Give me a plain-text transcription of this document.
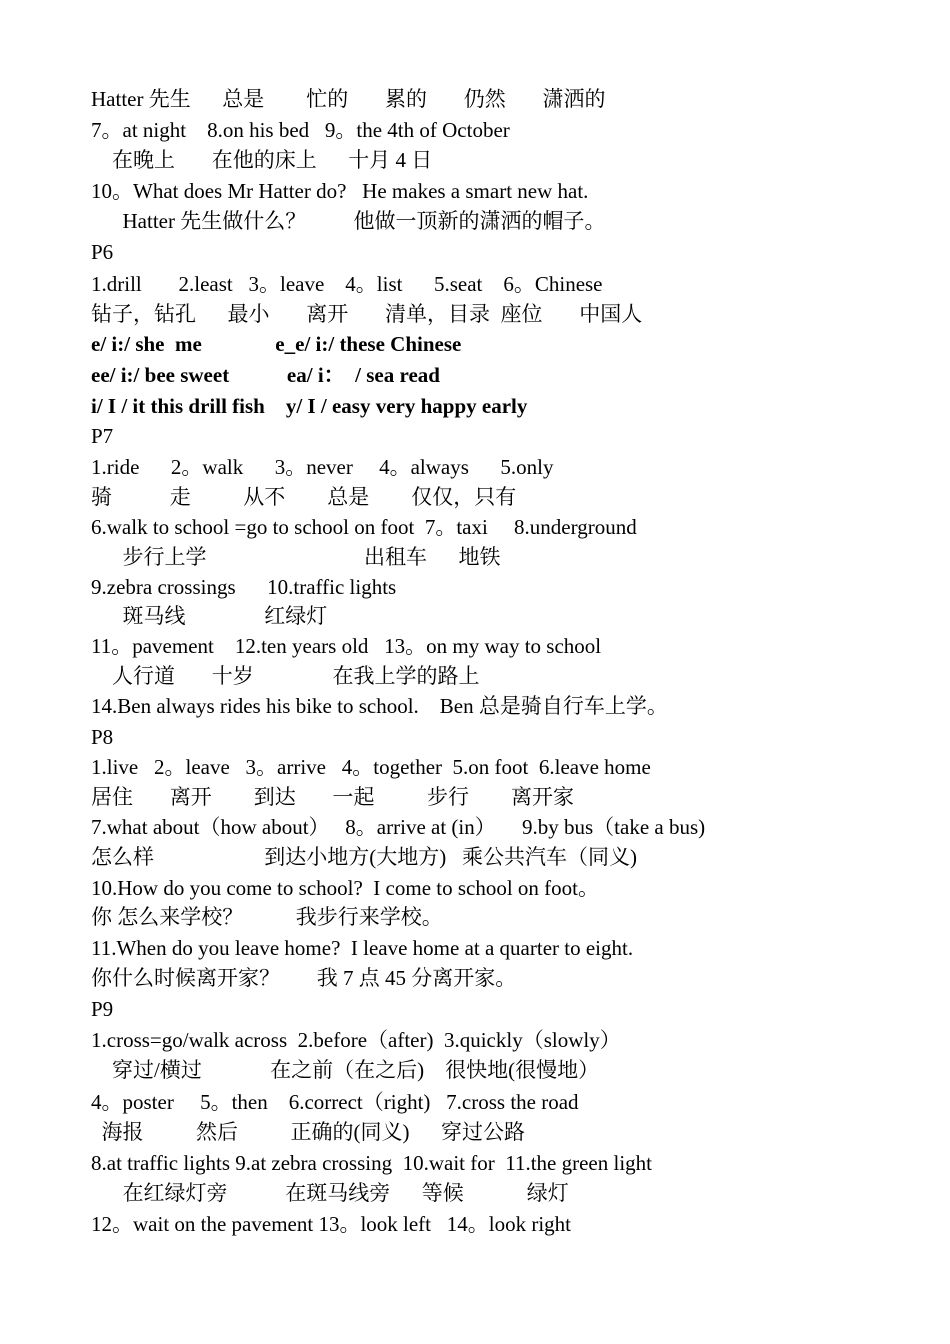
Hatter 先生      总是        忙的       累的       仍然       潇洒的
7。at night    8.on his bed   9。the 4th of October
在晚上       在他的床上      十月 4 日
10。What does Mr Hatter do?   He makes a smart new hat.
Hatter 先生做什么？         他做一顶新的潇洒的帽子。
P6
1.drill       2.least   3。leave    4。list      5.seat    6。Chinese
钻子，钻孔      最小       离开       清单，目录  座位       中国人
e/ i:/ she  me              e_e/ i:/ these Chinese
ee/ i:/ bee sweet           ea/ i：  / sea read
i/ I / it this drill fish    y/ I / easy very happy early
P7
1.ride      2。walk      3。never     4。always      5.only
骑           走          从不        总是        仅仅，只有
6.walk to school =go to school on foot  7。taxi     8.underground
步行上学                              出租车      地铁
9.zebra crossings      10.traffic lights
斑马线               红绿灯
11。pavement    12.ten years old   13。on my way to school
人行道       十岁               在我上学的路上
14.Ben always rides his bike to school.    Ben 总是骑自行车上学。
P8
1.live   2。leave   3。arrive   4。together  5.on foot  6.leave home
居住       离开        到达       一起          步行        离开家
7.what about（how about）   8。arrive at (in）     9.by bus（take a bus)
怎么样                     到达小地方(大地方)   乘公共汽车（同义)
10.How do you come to school?  I come to school on foot。
你 怎么来学校？          我步行来学校。
11.When do you leave home?  I leave home at a quarter to eight.
你什么时候离开家？       我 7 点 45 分离开家。
P9
1.cross=go/walk across  2.before（after)  3.quickly（slowly）
穿过/横过             在之前（在之后)    很快地(很慢地）
4。poster     5。then    6.correct（right)   7.cross the road
海报          然后          正确的(同义)      穿过公路
8.at traffic lights 9.at zebra crossing  10.wait for  11.the green light
在红绿灯旁           在斑马线旁      等候            绿灯
12。wait on the pavement 13。look left   14。look right
